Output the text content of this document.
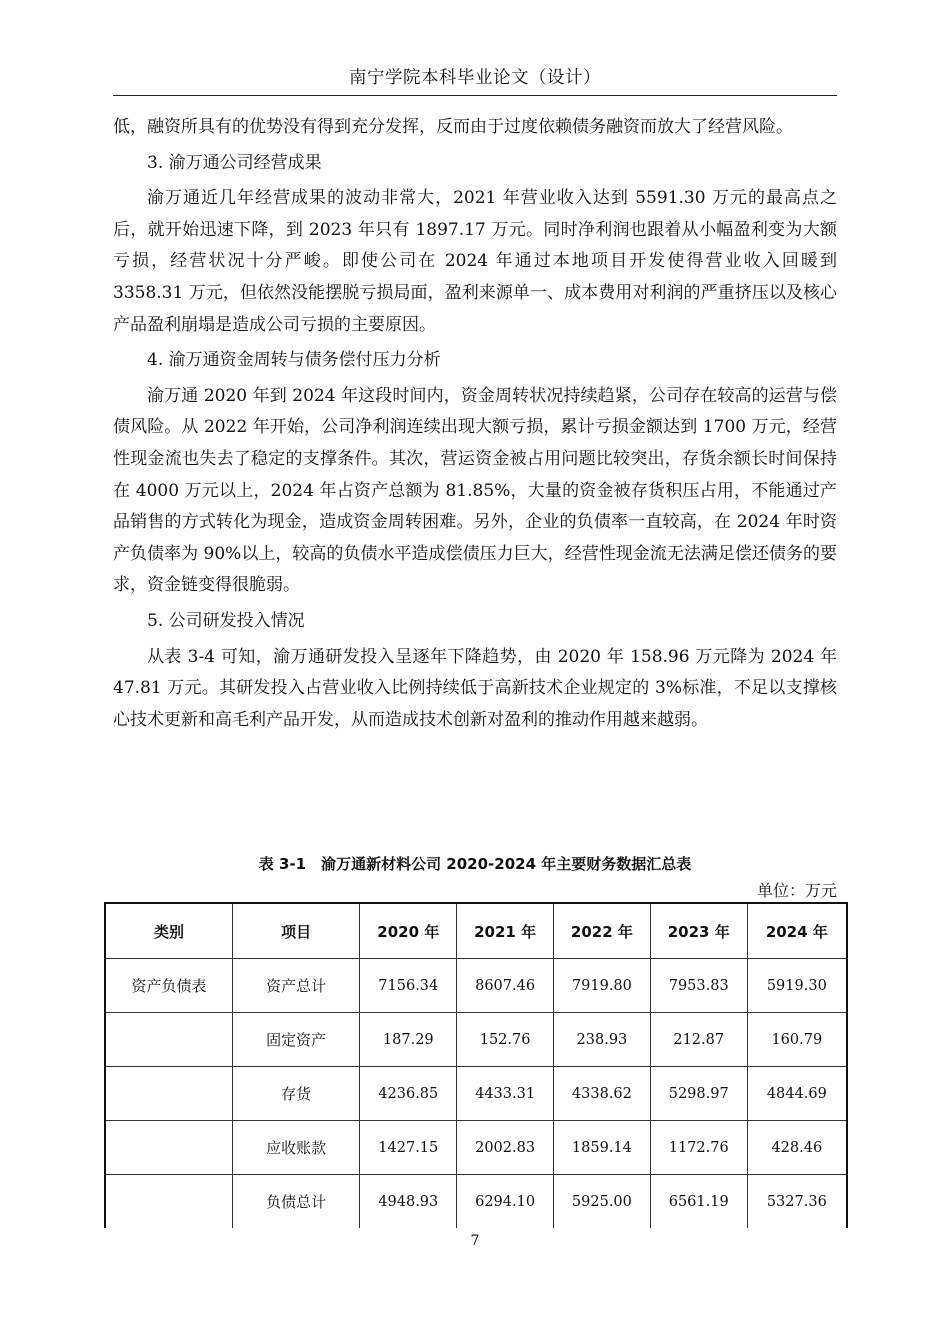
南宁学院本科毕业论文（设计）

低，融资所具有的优势没有得到充分发挥，反而由于过度依赖债务融资而放大了经营风险。

3. 渝万通公司经营成果

渝万通近几年经营成果的波动非常大，2021 年营业收入达到 5591.30 万元的最高点之后，就开始迅速下降，到 2023 年只有 1897.17 万元。同时净利润也跟着从小幅盈利变为大额亏损，经营状况十分严峻。即使公司在 2024 年通过本地项目开发使得营业收入回暖到 3358.31 万元，但依然没能摆脱亏损局面，盈利来源单一、成本费用对利润的严重挤压以及核心产品盈利崩塌是造成公司亏损的主要原因。

4. 渝万通资金周转与债务偿付压力分析

渝万通 2020 年到 2024 年这段时间内，资金周转状况持续趋紧，公司存在较高的运营与偿债风险。从 2022 年开始，公司净利润连续出现大额亏损，累计亏损金额达到 1700 万元，经营性现金流也失去了稳定的支撑条件。其次，营运资金被占用问题比较突出，存货余额长时间保持在 4000 万元以上，2024 年占资产总额为 81.85%，大量的资金被存货积压占用，不能通过产品销售的方式转化为现金，造成资金周转困难。另外，企业的负债率一直较高，在 2024 年时资产负债率为 90%以上，较高的负债水平造成偿债压力巨大，经营性现金流无法满足偿还债务的要求，资金链变得很脆弱。

5. 公司研发投入情况

从表 3-4 可知，渝万通研发投入呈逐年下降趋势，由 2020 年 158.96 万元降为 2024 年 47.81 万元。其研发投入占营业收入比例持续低于高新技术企业规定的 3%标准，不足以支撑核心技术更新和高毛利产品开发，从而造成技术创新对盈利的推动作用越来越弱。

表 3-1　渝万通新材料公司 2020-2024 年主要财务数据汇总表
单位：万元
类别	项目	2020 年	2021 年	2022 年	2023 年	2024 年
资产负债表	资产总计	7156.34	8607.46	7919.80	7953.83	5919.30
	固定资产	187.29	152.76	238.93	212.87	160.79
	存货	4236.85	4433.31	4338.62	5298.97	4844.69
	应收账款	1427.15	2002.83	1859.14	1172.76	428.46
	负债总计	4948.93	6294.10	5925.00	6561.19	5327.36
7
